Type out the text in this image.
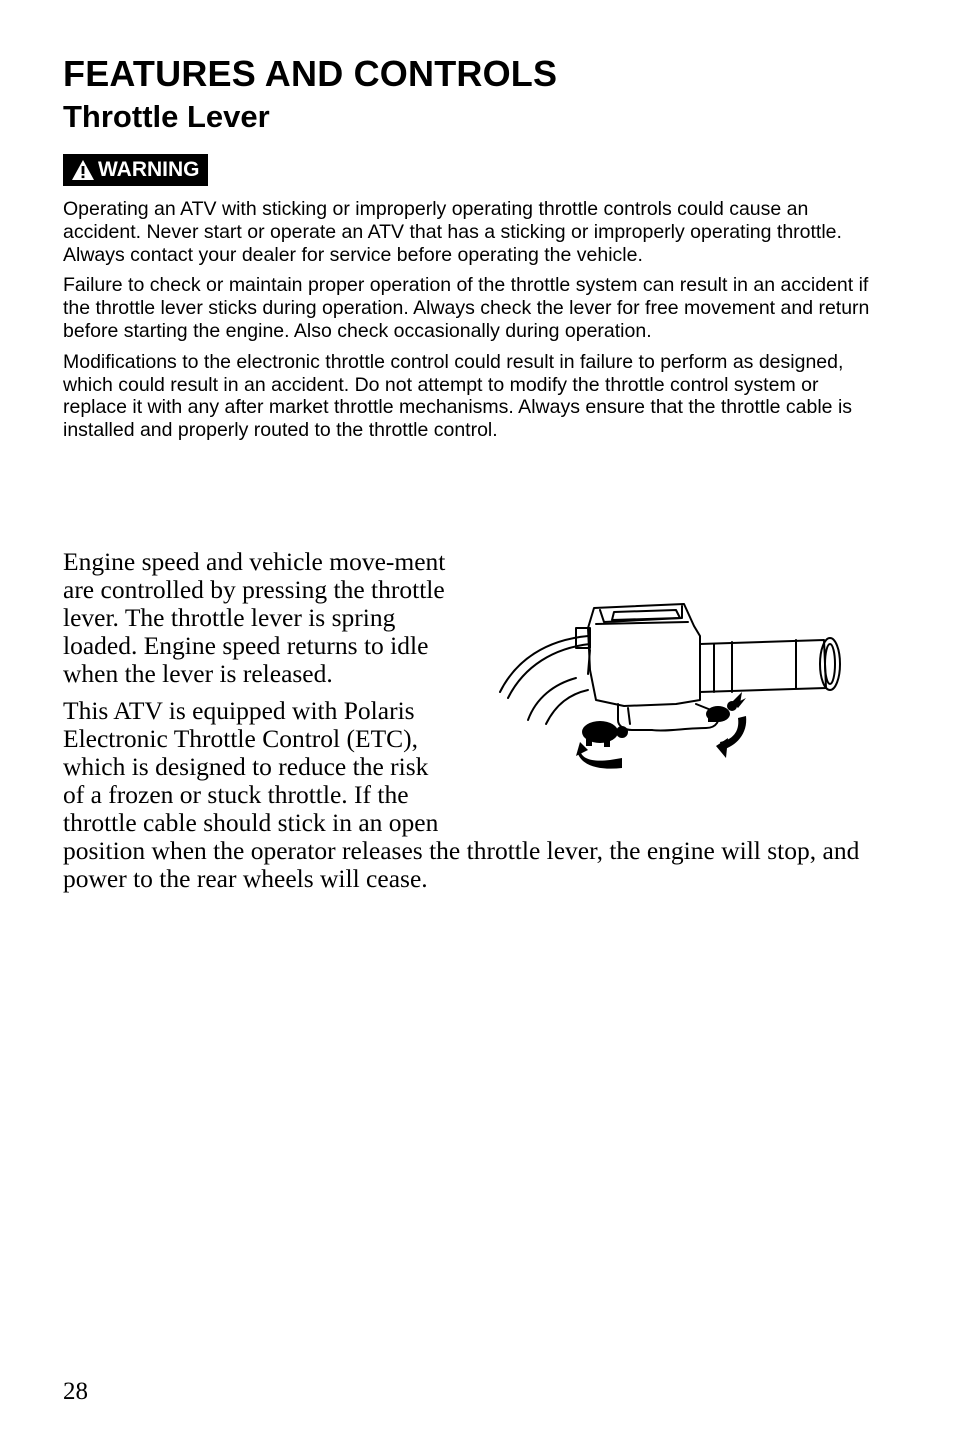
FEATURES AND CONTROLS
Throttle Lever
WARNING

Operating an ATV with sticking or improperly operating throttle controls could cause an accident. Never start or operate an ATV that has a sticking or improperly operating throttle. Always contact your dealer for service before operating the vehicle.

Failure to check or maintain proper operation of the throttle system can result in an accident if the throttle lever sticks during operation. Always check the lever for free movement and return before starting the engine. Also check occasionally during operation.

Modifications to the electronic throttle control could result in failure to perform as designed, which could result in an accident. Do not attempt to modify the throttle control system or replace it with any after market throttle mechanisms. Always ensure that the throttle cable is installed and properly routed to the throttle control.

Engine speed and vehicle move-ment are controlled by pressing the throttle lever. The throttle lever is spring loaded. Engine speed returns to idle when the lever is released.

This ATV is equipped with Polaris Electronic Throttle Control (ETC), which is designed to reduce the risk of a frozen or stuck throttle. If the throttle cable should stick in an open position when the operator releases the throttle lever, the engine will stop, and power to the rear wheels will cease.

28
